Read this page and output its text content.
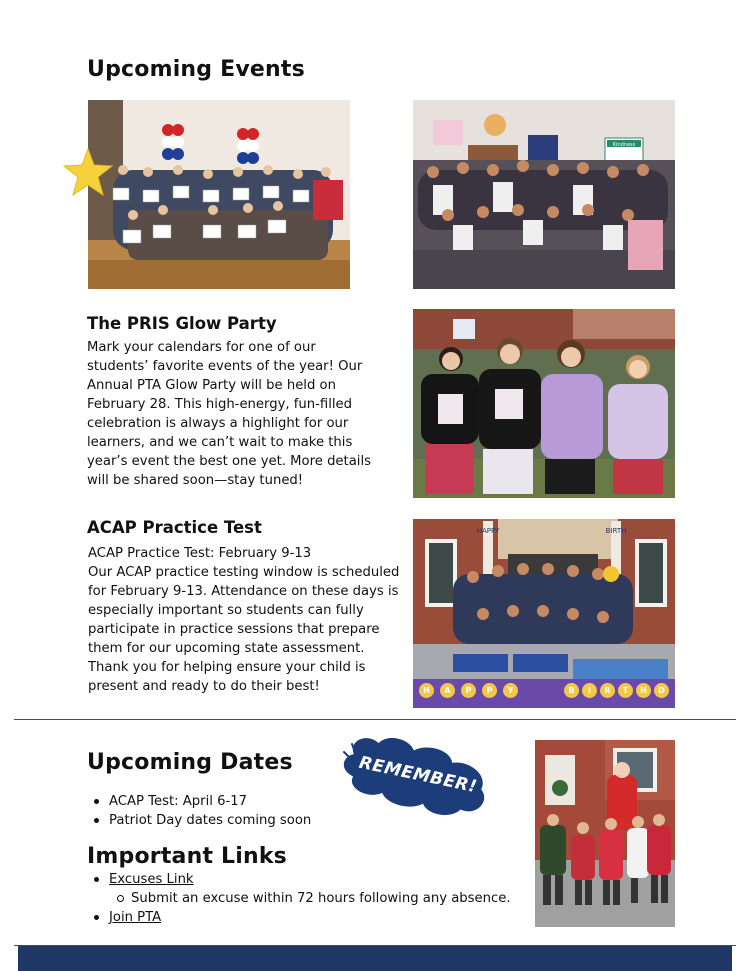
Upcoming Events
Kindness
The PRIS Glow Party
Mark your calendars for one of our
students’ favorite events of the year! Our
Annual PTA Glow Party will be held on
February 28. This high-energy, fun-filled
celebration is always a highlight for our
learners, and we can’t wait to make this
year’s event the best one yet. More details
will be shared soon—stay tuned!
ACAP Practice Test
ACAP Practice Test: February 9-13
Our ACAP practice testing window is scheduled
for February 9-13. Attendance on these days is
especially important so students can fully
participate in practice sessions that prepare
them for our upcoming state assessment.
Thank you for helping ensure your child is
present and ready to do their best!
HAPPY	BIRTH
H	A	P	P	Y	B	I	R	T	H	D
Upcoming Dates
ACAP Test: April 6-17
Patriot Day dates coming soon
REMEMBER!
Important Links
Excuses Link
Submit an excuse within 72 hours following any absence.
Join PTA
